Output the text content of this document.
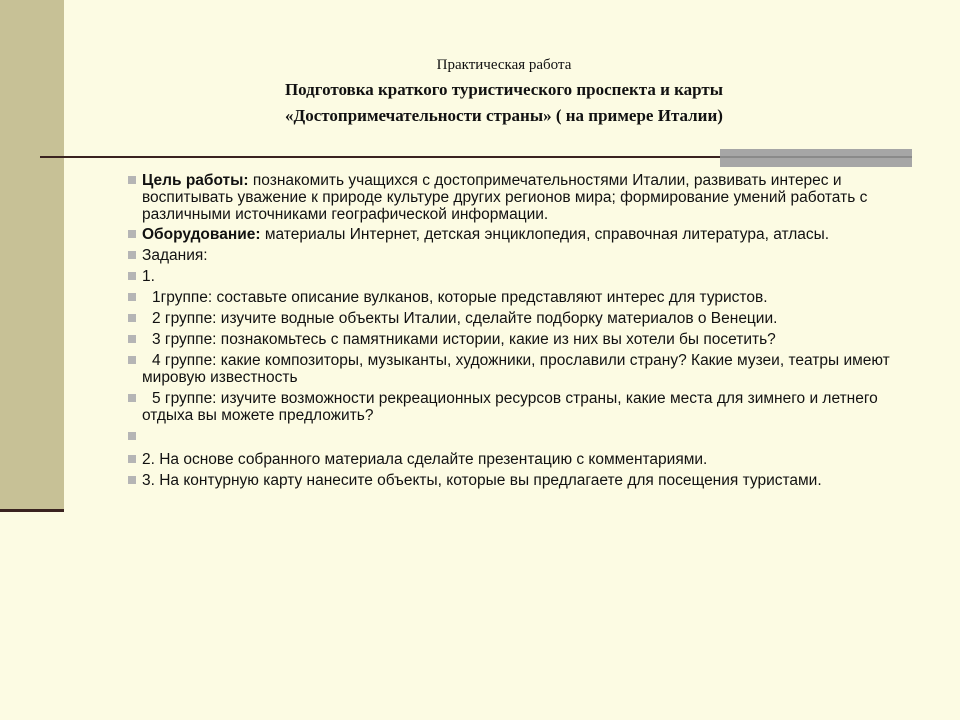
Практическая работа
Подготовка краткого туристического проспекта и карты
«Достопримечательности страны» ( на примере Италии)
Цель работы: познакомить учащихся с достопримечательностями Италии, развивать интерес и воспитывать уважение к природе культуре других регионов мира; формирование умений работать с различными источниками географической информации.
Оборудование: материалы Интернет, детская энциклопедия, справочная литература, атласы.
Задания:
1.
1группе: составьте описание вулканов, которые представляют интерес для туристов.
2 группе: изучите водные объекты Италии, сделайте подборку материалов о Венеции.
3 группе: познакомьтесь с памятниками истории, какие из них вы хотели бы посетить?
4 группе: какие композиторы, музыканты, художники, прославили страну? Какие музеи, театры имеют мировую известность
5 группе: изучите возможности рекреационных ресурсов страны, какие места для зимнего и летнего отдыха вы можете предложить?
2. На основе собранного материала сделайте презентацию с комментариями.
3. На контурную карту нанесите объекты, которые вы предлагаете для посещения туристами.
